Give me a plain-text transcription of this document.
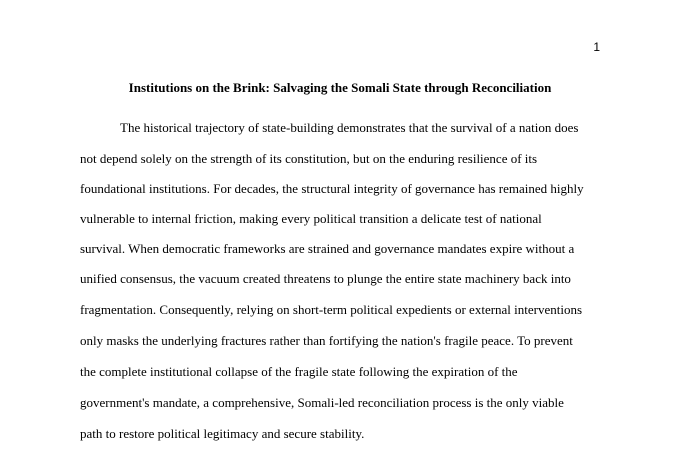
1
Institutions on the Brink: Salvaging the Somali State through Reconciliation
The historical trajectory of state-building demonstrates that the survival of a nation does
not depend solely on the strength of its constitution, but on the enduring resilience of its
foundational institutions. For decades, the structural integrity of governance has remained highly
vulnerable to internal friction, making every political transition a delicate test of national
survival. When democratic frameworks are strained and governance mandates expire without a
unified consensus, the vacuum created threatens to plunge the entire state machinery back into
fragmentation. Consequently, relying on short-term political expedients or external interventions
only masks the underlying fractures rather than fortifying the nation's fragile peace. To prevent
the complete institutional collapse of the fragile state following the expiration of the
government's mandate, a comprehensive, Somali-led reconciliation process is the only viable
path to restore political legitimacy and secure stability.
